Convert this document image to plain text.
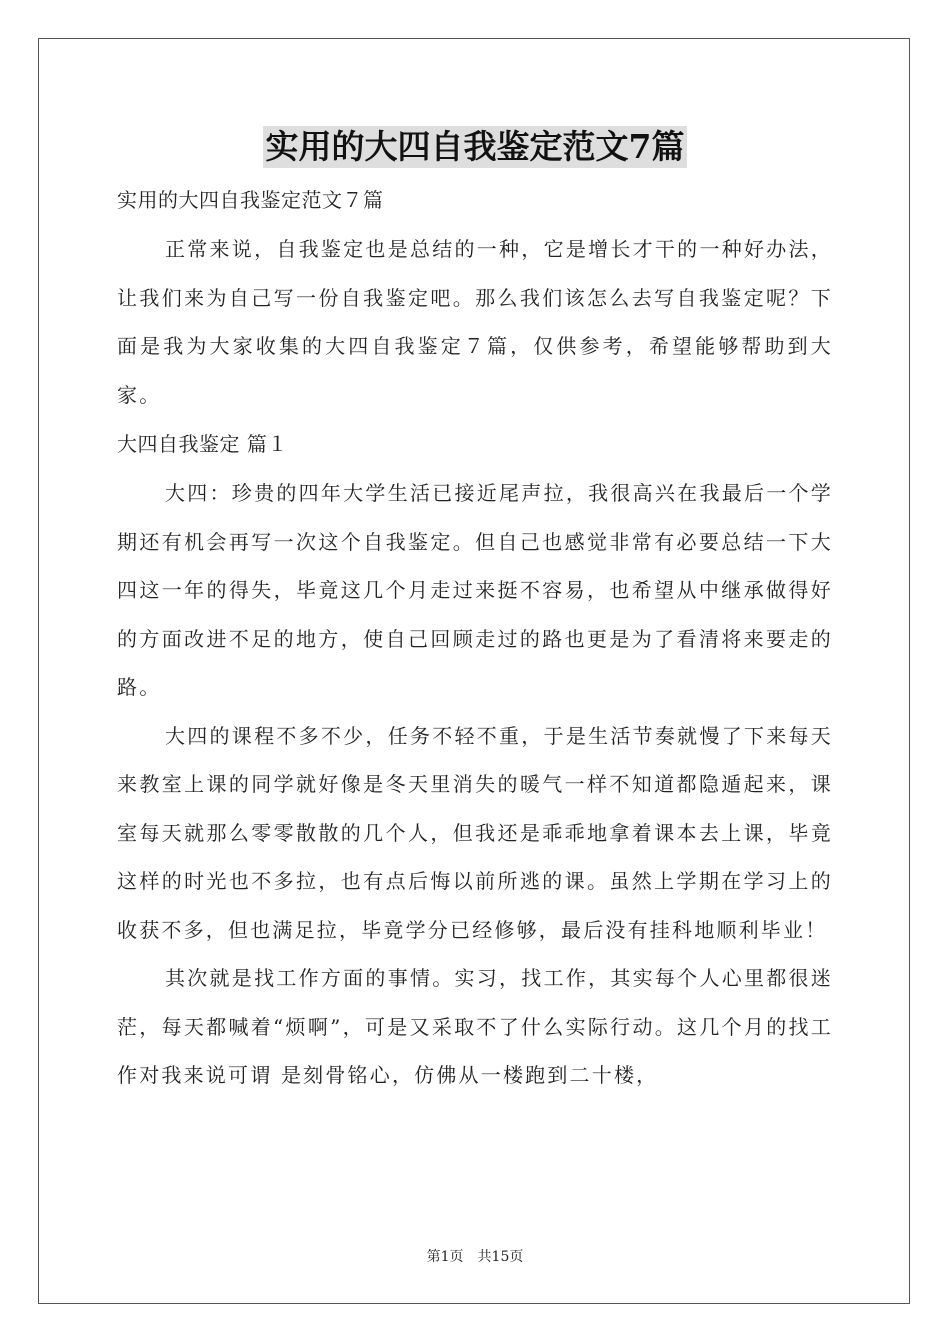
实用的大四自我鉴定范文7篇

实用的大四自我鉴定范文７篇

正常来说，自我鉴定也是总结的一种，它是增长才干的一种好办法，让我们来为自己写一份自我鉴定吧。那么我们该怎么去写自我鉴定呢？下面是我为大家收集的大四自我鉴定７篇，仅供参考，希望能够帮助到大家。

大四自我鉴定 篇１

大四：珍贵的四年大学生活已接近尾声拉，我很高兴在我最后一个学期还有机会再写一次这个自我鉴定。但自己也感觉非常有必要总结一下大四这一年的得失，毕竟这几个月走过来挺不容易，也希望从中继承做得好的方面改进不足的地方，使自己回顾走过的路也更是为了看清将来要走的路。

大四的课程不多不少，任务不轻不重，于是生活节奏就慢了下来每天来教室上课的同学就好像是冬天里消失的暖气一样不知道都隐遁起来，课室每天就那么零零散散的几个人，但我还是乖乖地拿着课本去上课，毕竟这样的时光也不多拉，也有点后悔以前所逃的课。虽然上学期在学习上的收获不多，但也满足拉，毕竟学分已经修够，最后没有挂科地顺利毕业！

其次就是找工作方面的事情。实习，找工作，其实每个人心里都很迷茫，每天都喊着“烦啊”，可是又采取不了什么实际行动。这几个月的找工作对我来说可谓 是刻骨铭心，仿佛从一楼跑到二十楼，

第1页 共15页
